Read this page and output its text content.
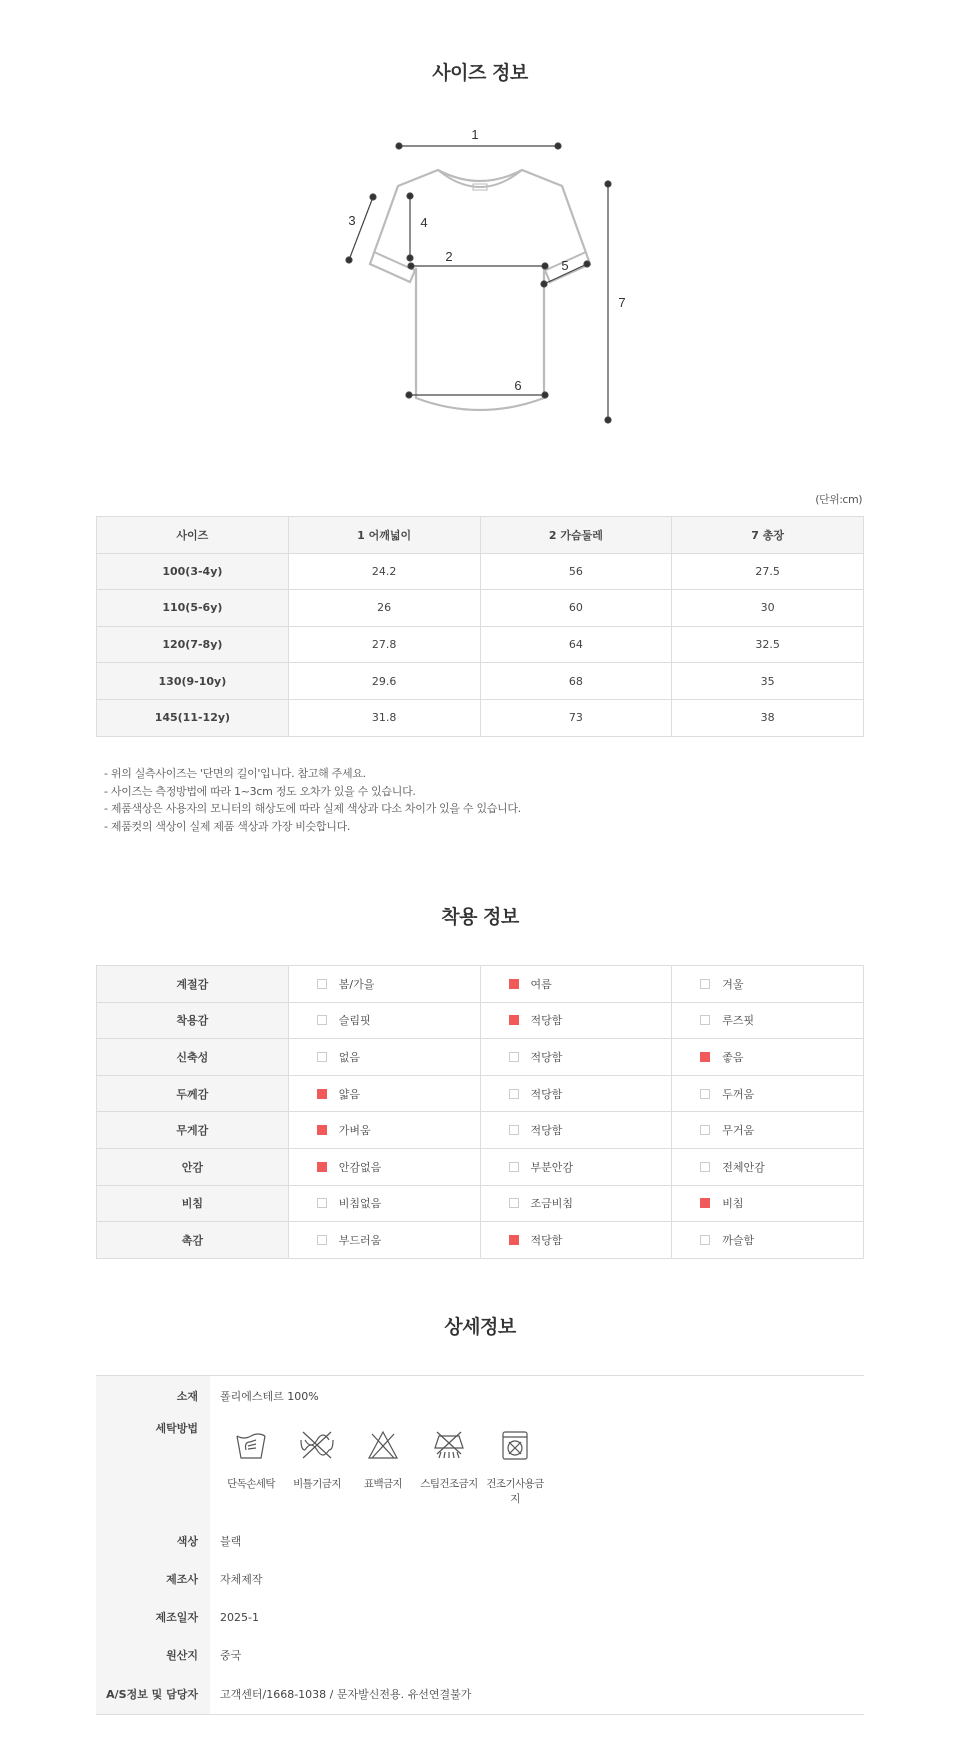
사이즈 정보
1
2
3	4
5
6
7
(단위:cm)
사이즈	1 어깨넓이	2 가슴둘레	7 총장
100(3-4y)	24.2	56	27.5
110(5-6y)	26	60	30
120(7-8y)	27.8	64	32.5
130(9-10y)	29.6	68	35
145(11-12y)	31.8	73	38
- 위의 실측사이즈는 '단면의 길이'입니다. 참고해 주세요.
- 사이즈는 측정방법에 따라 1~3cm 정도 오차가 있을 수 있습니다.
- 제품색상은 사용자의 모니터의 해상도에 따라 실제 색상과 다소 차이가 있을 수 있습니다.
- 제품컷의 색상이 실제 제품 색상과 가장 비슷합니다.
착용 정보
계절감	봄/가을	여름	겨울
착용감	슬림핏	적당함	루즈핏
신축성	없음	적당함	좋음
두께감	얇음	적당함	두꺼움
무게감	가벼움	적당함	무거움
안감	안감없음	부분안감	전체안감
비침	비침없음	조금비침	비침
촉감	부드러움	적당함	까슬함
상세정보
소재	폴리에스테르 100%
세탁방법
단독손세탁	비틀기금지	표백금지	스팀건조금지 건조기사용금지
색상	블랙
제조사	자체제작
제조일자	2025-1
원산지	중국
A/S정보 및 담당자	고객센터/1668-1038 / 문자발신전용. 유선연결불가
